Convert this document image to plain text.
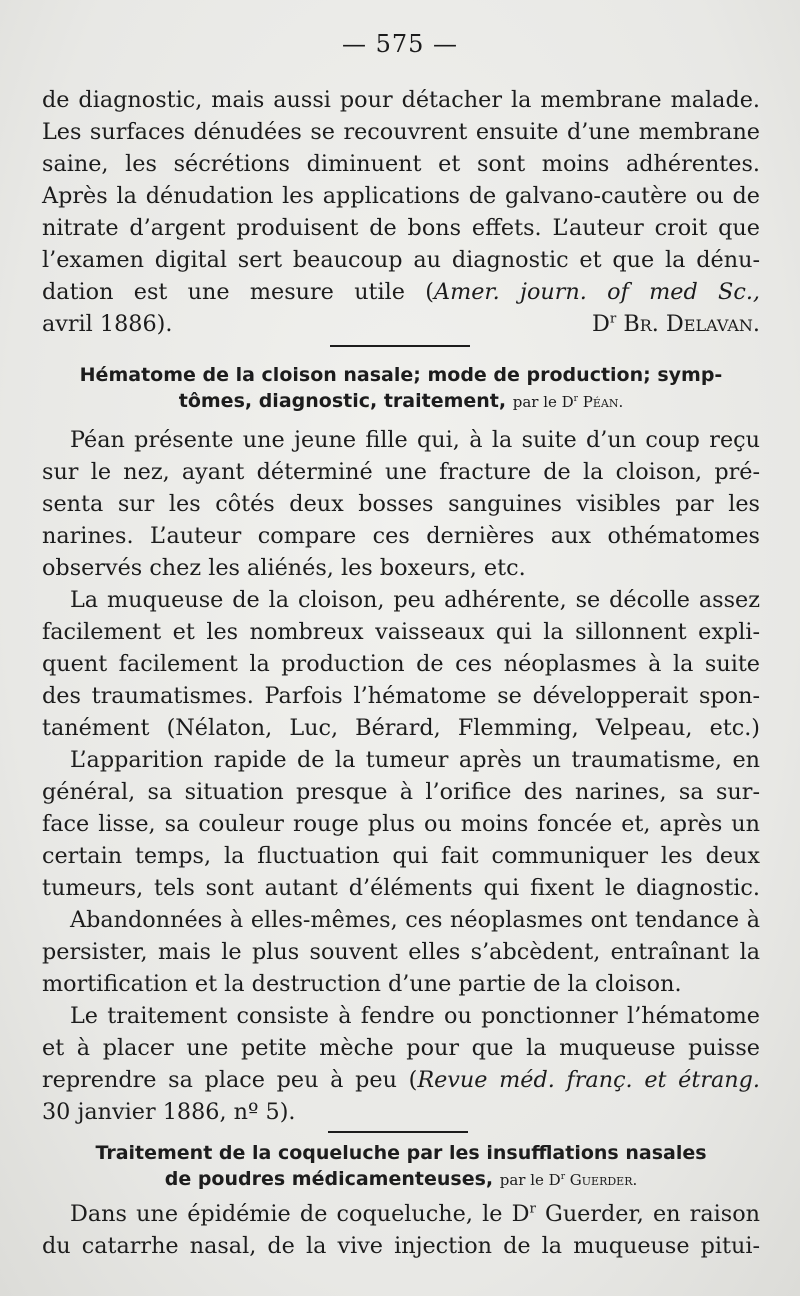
— 575 —
de diagnostic, mais aussi pour détacher la membrane malade.
Les surfaces dénudées se recouvrent ensuite d’une membrane
saine, les sécrétions diminuent et sont moins adhérentes.
Après la dénudation les applications de galvano-cautère ou de
nitrate d’argent produisent de bons effets. L’auteur croit que
l’examen digital sert beaucoup au diagnostic et que la dénu-
dation est une mesure utile (Amer. journ. of med Sc.,
avril 1886).	$D^r$ Br. Delavan.
Hématome de la cloison nasale; mode de production; symp-
tômes, diagnostic, traitement, par le $D^r$ Péan.
Péan présente une jeune fille qui, à la suite d’un coup reçu
sur le nez, ayant déterminé une fracture de la cloison, pré-
senta sur les côtés deux bosses sanguines visibles par les
narines. L’auteur compare ces dernières aux othématomes
observés chez les aliénés, les boxeurs, etc.
La muqueuse de la cloison, peu adhérente, se décolle assez
facilement et les nombreux vaisseaux qui la sillonnent expli-
quent facilement la production de ces néoplasmes à la suite
des traumatismes. Parfois l’hématome se développerait spon-
tanément (Nélaton, Luc, Bérard, Flemming, Velpeau, etc.)
L’apparition rapide de la tumeur après un traumatisme, en
général, sa situation presque à l’orifice des narines, sa sur-
face lisse, sa couleur rouge plus ou moins foncée et, après un
certain temps, la fluctuation qui fait communiquer les deux
tumeurs, tels sont autant d’éléments qui fixent le diagnostic.
Abandonnées à elles-mêmes, ces néoplasmes ont tendance à
persister, mais le plus souvent elles s’abcèdent, entraînant la
mortification et la destruction d’une partie de la cloison.
Le traitement consiste à fendre ou ponctionner l’hématome
et à placer une petite mèche pour que la muqueuse puisse
reprendre sa place peu à peu (Revue méd. franç. et étrang.
30 janvier 1886, nº 5).
Traitement de la coqueluche par les insufflations nasales
de poudres médicamenteuses, par le $D^r$ Guerder.
Dans une épidémie de coqueluche, le $D^r$ Guerder, en raison
du catarrhe nasal, de la vive injection de la muqueuse pitui-
